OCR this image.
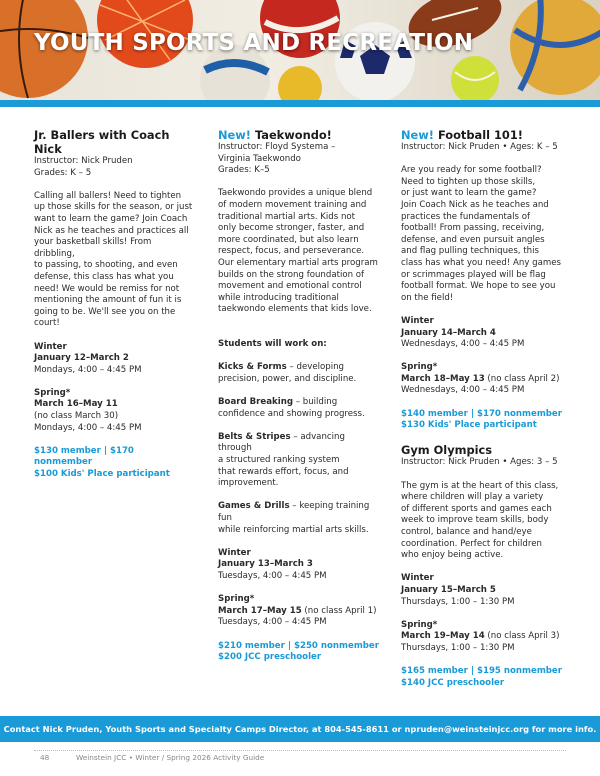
YOUTH SPORTS AND RECREATION
Jr. Ballers with Coach Nick
Instructor: Nick Pruden
Grades: K – 5
Calling all ballers! Need to tighten
up those skills for the season, or just
want to learn the game? Join Coach
Nick as he teaches and practices all
your basketball skills! From dribbling,
to passing, to shooting, and even
defense, this class has what you
need! We would be remiss for not
mentioning the amount of fun it is
going to be. We'll see you on the
court!
Winter
January 12–March 2
Mondays, 4:00 – 4:45 PM
Spring*
March 16–May 11
(no class March 30)
Mondays, 4:00 – 4:45 PM
$130 member | $170 nonmember
$100 Kids' Place participant
New! Taekwondo!
Instructor: Floyd Systema –
Virginia Taekwondo
Grades: K–5
Taekwondo provides a unique blend
of modern movement training and
traditional martial arts. Kids not
only become stronger, faster, and
more coordinated, but also learn
respect, focus, and perseverance.
Our elementary martial arts program
builds on the strong foundation of
movement and emotional control
while introducing traditional
taekwondo elements that kids love.
Students will work on:
Kicks & Forms – developing
precision, power, and discipline.
Board Breaking – building
confidence and showing progress.
Belts & Stripes – advancing through
a structured ranking system
that rewards effort, focus, and
improvement.
Games & Drills – keeping training fun
while reinforcing martial arts skills.
Winter
January 13–March 3
Tuesdays, 4:00 – 4:45 PM
Spring*
March 17–May 15 (no class April 1)
Tuesdays, 4:00 – 4:45 PM
$210 member | $250 nonmember
$200 JCC preschooler
New! Football 101!
Instructor: Nick Pruden • Ages: K – 5
Are you ready for some football?
Need to tighten up those skills,
or just want to learn the game?
Join Coach Nick as he teaches and
practices the fundamentals of
football! From passing, receiving,
defense, and even pursuit angles
and flag pulling techniques, this
class has what you need! Any games
or scrimmages played will be flag
football format. We hope to see you
on the field!
Winter
January 14–March 4
Wednesdays, 4:00 – 4:45 PM
Spring*
March 18–May 13 (no class April 2)
Wednesdays, 4:00 – 4:45 PM
$140 member | $170 nonmember
$130 Kids' Place participant
Gym Olympics
Instructor: Nick Pruden • Ages: 3 – 5
The gym is at the heart of this class,
where children will play a variety
of different sports and games each
week to improve team skills, body
control, balance and hand/eye
coordination. Perfect for children
who enjoy being active.
Winter
January 15–March 5
Thursdays, 1:00 – 1:30 PM
Spring*
March 19–May 14 (no class April 3)
Thursdays, 1:00 – 1:30 PM
$165 member | $195 nonmember
$140 JCC preschooler
Contact Nick Pruden, Youth Sports and Specialty Camps Director, at 804-545-8611 or npruden@weinsteinjcc.org for more info.
48	Weinstein JCC • Winter / Spring 2026 Activity Guide
